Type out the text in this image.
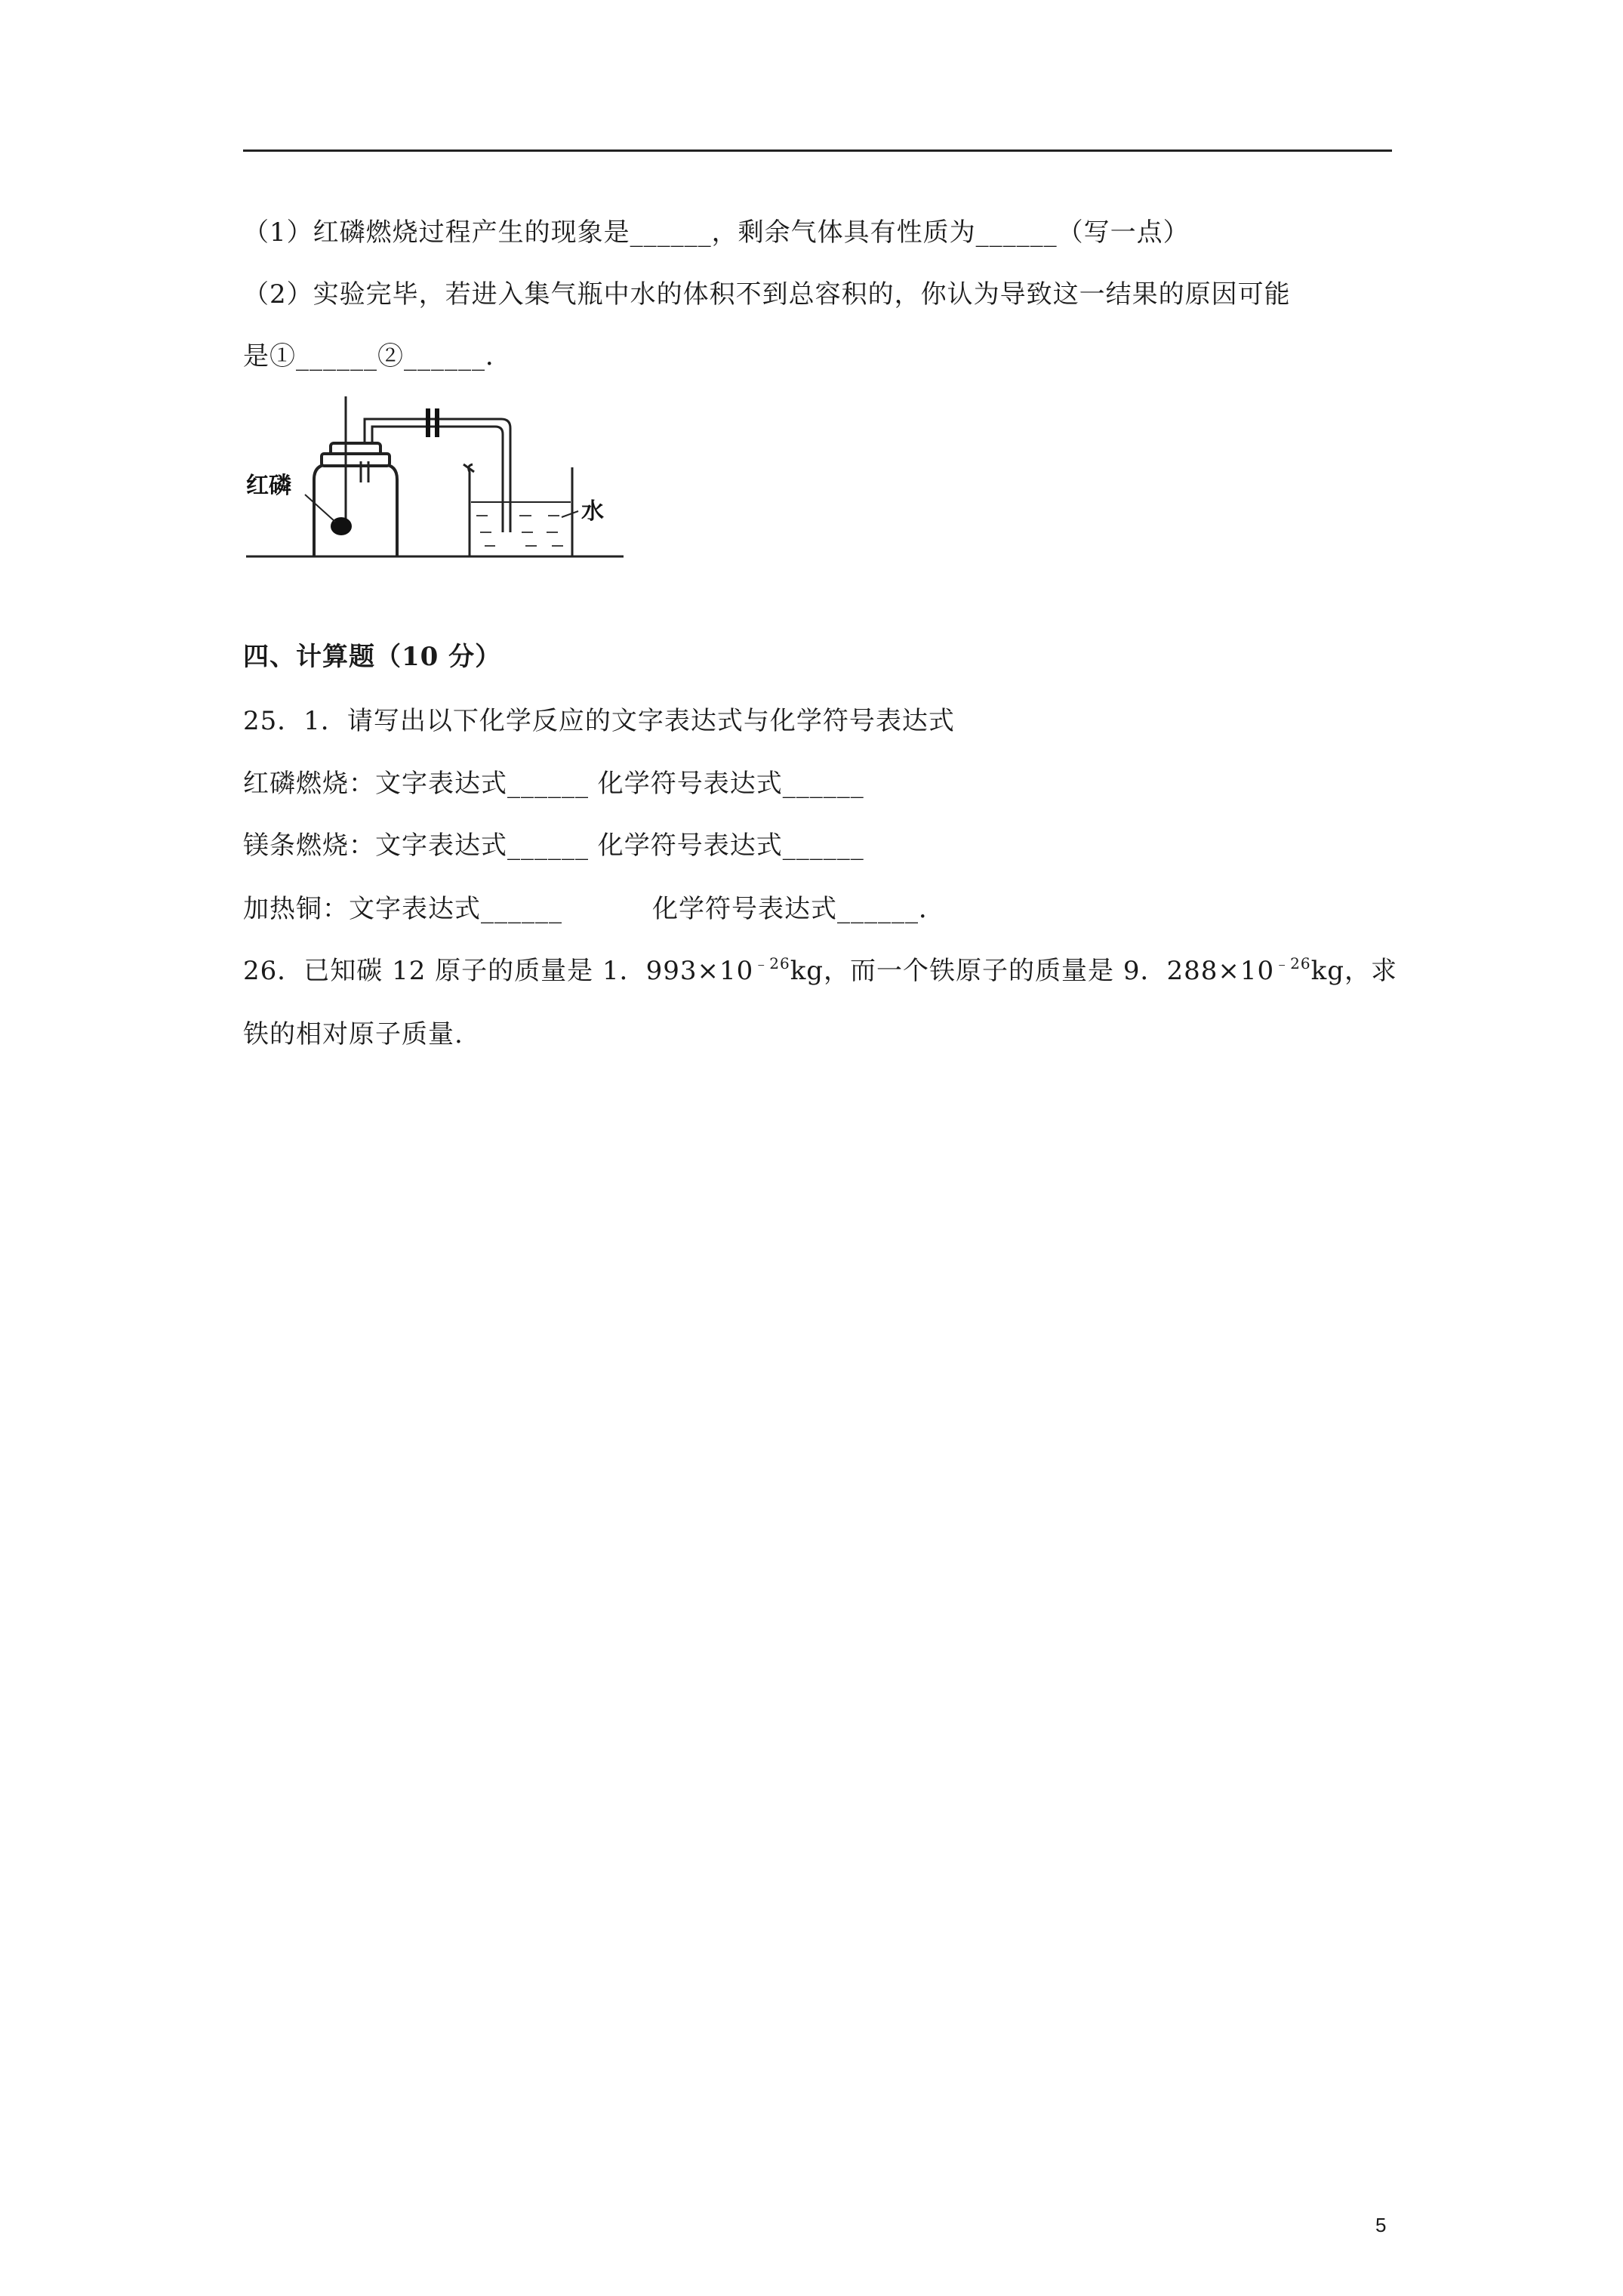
（1）红磷燃烧过程产生的现象是______，剩余气体具有性质为______（写一点）
（2）实验完毕，若进入集气瓶中水的体积不到总容积的，你认为导致这一结果的原因可能
是①______②______．
红磷
水
四、计算题（10 分）
25．1．请写出以下化学反应的文字表达式与化学符号表达式
红磷燃烧：文字表达式______ 化学符号表达式______
镁条燃烧：文字表达式______ 化学符号表达式______
加热铜：文字表达式______	化学符号表达式______．
26．已知碳 12 原子的质量是 1．$993\times 10^{﹣26}kg$，而一个铁原子的质量是 9．$288\times 10^{﹣26}kg$，求
铁的相对原子质量.
5
